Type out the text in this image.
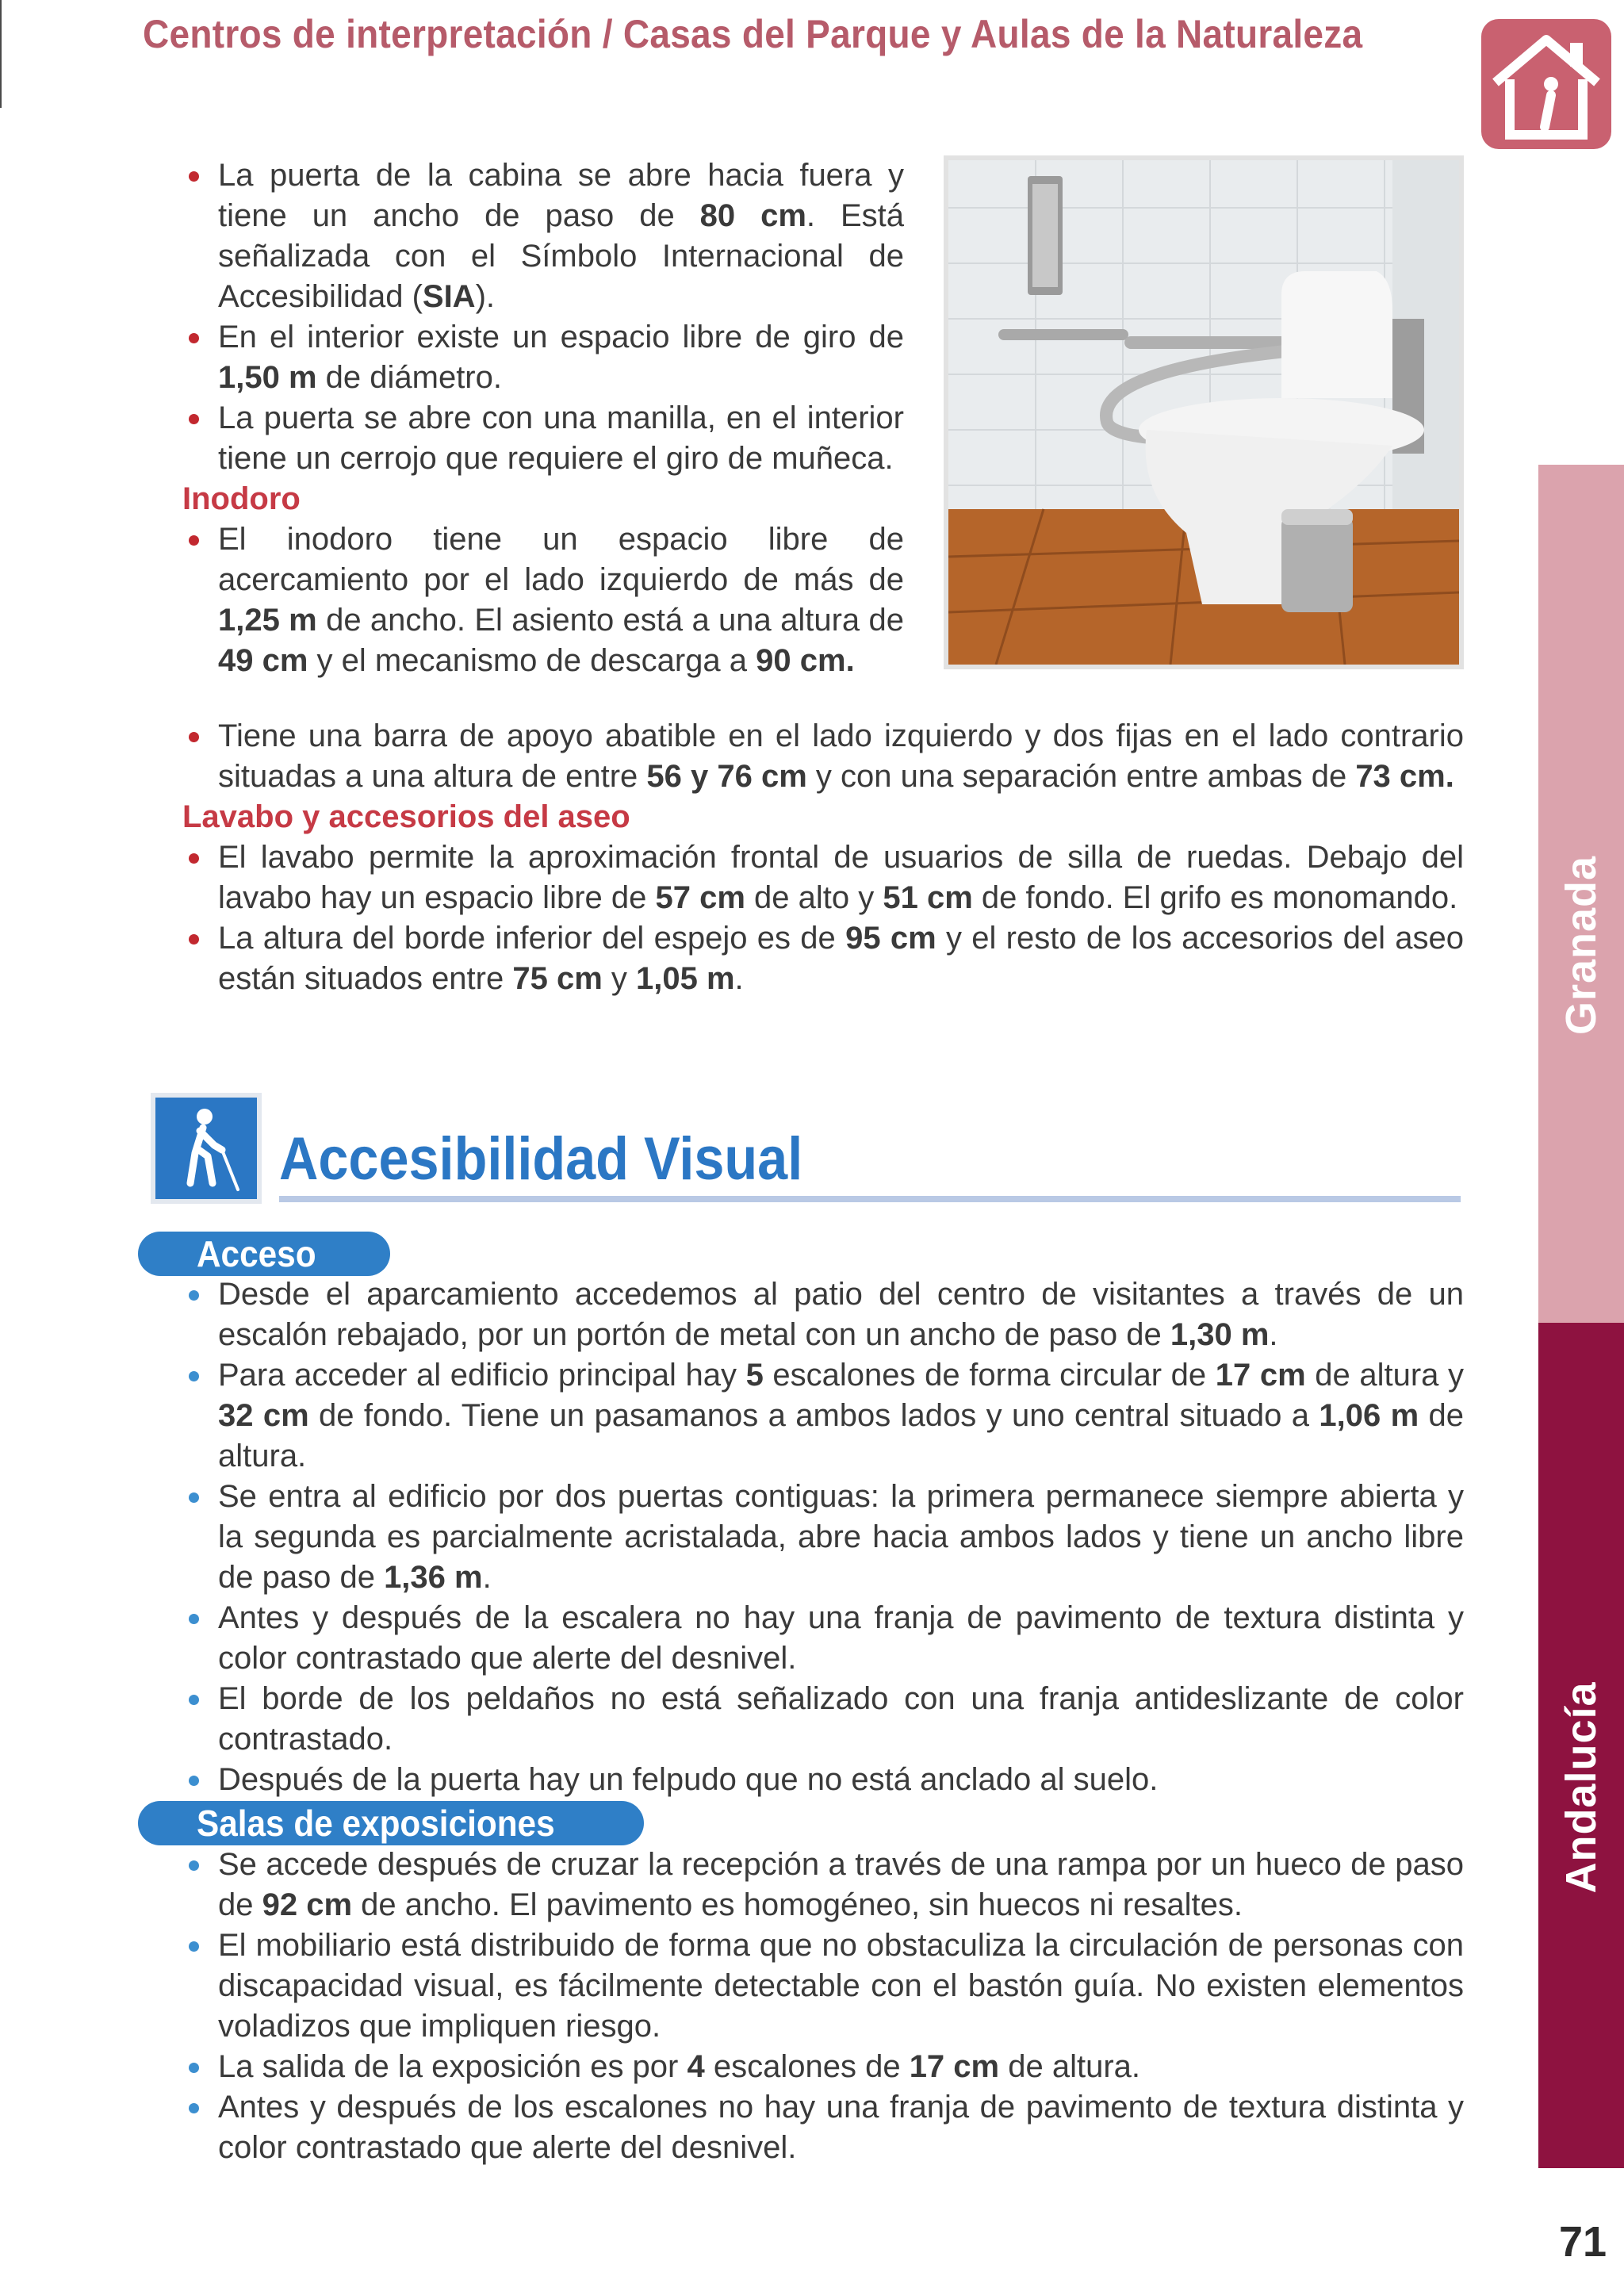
Centros de interpretación / Casas del Parque y Aulas de la Naturaleza
Granada
Andalucía
71
La puerta de la cabina se abre hacia fuera y tiene un ancho de paso de 80 cm. Está señalizada con el Símbolo Internacional de Accesibilidad (SIA).
En el interior existe un espacio libre de giro de 1,50 m de diámetro.
La puerta se abre con una manilla, en el interior tiene un cerrojo que requiere el giro de muñeca.
Inodoro
El inodoro tiene un espacio libre de acercamiento por el lado izquierdo de más de 1,25 m de ancho. El asiento está a una altura de 49 cm y el mecanismo de descarga a 90 cm.
Tiene una barra de apoyo abatible en el lado izquierdo y dos fijas en el lado contrario situadas a una altura de entre 56 y 76 cm y con una separación entre ambas de 73 cm.
Lavabo y accesorios del aseo
El lavabo permite la aproximación frontal de usuarios de silla de ruedas. Debajo del lavabo hay un espacio libre de 57 cm de alto y 51 cm de fondo. El grifo es monomando.
La altura del borde inferior del espejo es de 95 cm y el resto de los accesorios del aseo están situados entre 75 cm y 1,05 m.
Accesibilidad Visual
Acceso
Desde el aparcamiento accedemos al patio del centro de visitantes a través de un escalón rebajado, por un portón de metal con un ancho de paso de 1,30 m.
Para acceder al edificio principal hay 5 escalones de forma circular de 17 cm de altura y 32 cm de fondo. Tiene un pasamanos a ambos lados y uno central situado a 1,06 m de altura.
Se entra al edificio por dos puertas contiguas: la primera permanece siempre abierta y la segunda es parcialmente acristalada, abre hacia ambos lados y tiene un ancho libre de paso de 1,36 m.
Antes y después de la escalera no hay una franja de pavimento de textura distinta y color contrastado que alerte del desnivel.
El borde de los peldaños no está señalizado con una franja antideslizante de color contrastado.
Después de la puerta hay un felpudo que no está anclado al suelo.
Salas de exposiciones
Se accede después de cruzar la recepción a través de una rampa por un hueco de paso de 92 cm de ancho. El pavimento es homogéneo, sin huecos ni resaltes.
El mobiliario está distribuido de forma que no obstaculiza la circulación de personas con discapacidad visual, es fácilmente detectable con el bastón guía. No existen elementos voladizos que impliquen riesgo.
La salida de la exposición es por 4 escalones de 17 cm de altura.
Antes y después de los escalones no hay una franja de pavimento de textura distinta y color contrastado que alerte del desnivel.
